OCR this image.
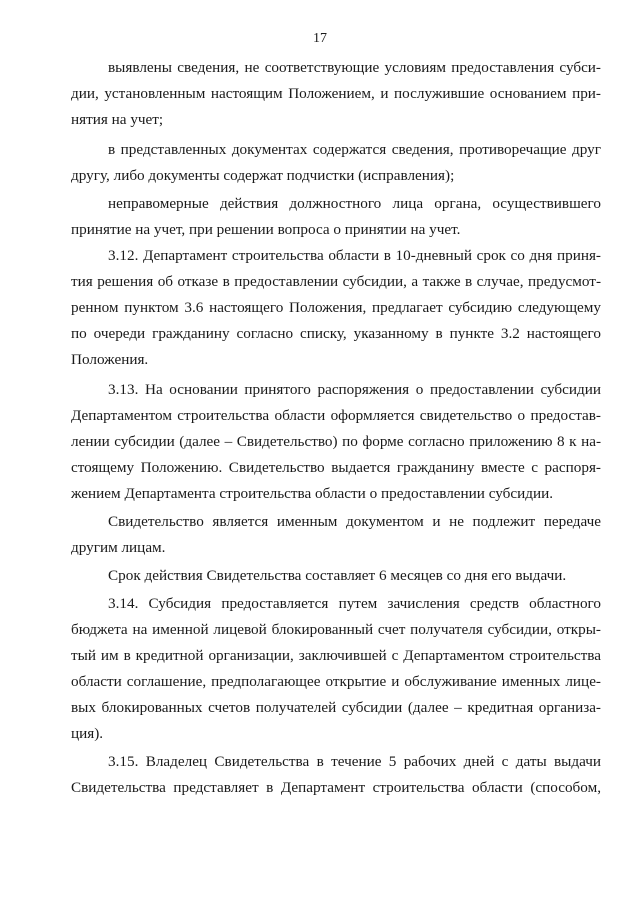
17
выявлены сведения, не соответствующие условиям предоставления субси-
дии, установленным настоящим Положением, и послужившие основанием при-
нятия на учет;
в представленных документах содержатся сведения, противоречащие друг
другу, либо документы содержат подчистки (исправления);
неправомерные действия должностного лица органа, осуществившего
принятие на учет, при решении вопроса о принятии на учет.
3.12. Департамент строительства области в 10-дневный срок со дня приня-
тия решения об отказе в предоставлении субсидии, а также в случае, предусмот-
ренном пунктом 3.6 настоящего Положения, предлагает субсидию следующему
по очереди гражданину согласно списку, указанному в пункте 3.2 настоящего
Положения.
3.13. На основании принятого распоряжения о предоставлении субсидии
Департаментом строительства области оформляется свидетельство о предостав-
лении субсидии (далее – Свидетельство) по форме согласно приложению 8 к на-
стоящему Положению. Свидетельство выдается гражданину вместе с распоря-
жением Департамента строительства области о предоставлении субсидии.
Свидетельство является именным документом и не подлежит передаче
другим лицам.
Срок действия Свидетельства составляет 6 месяцев со дня его выдачи.
3.14. Субсидия предоставляется путем зачисления средств областного
бюджета на именной лицевой блокированный счет получателя субсидии, откры-
тый им в кредитной организации, заключившей с Департаментом строительства
области соглашение, предполагающее открытие и обслуживание именных лице-
вых блокированных счетов получателей субсидии (далее – кредитная организа-
ция).
3.15. Владелец Свидетельства в течение 5 рабочих дней с даты выдачи
Свидетельства представляет в Департамент строительства области (способом,
